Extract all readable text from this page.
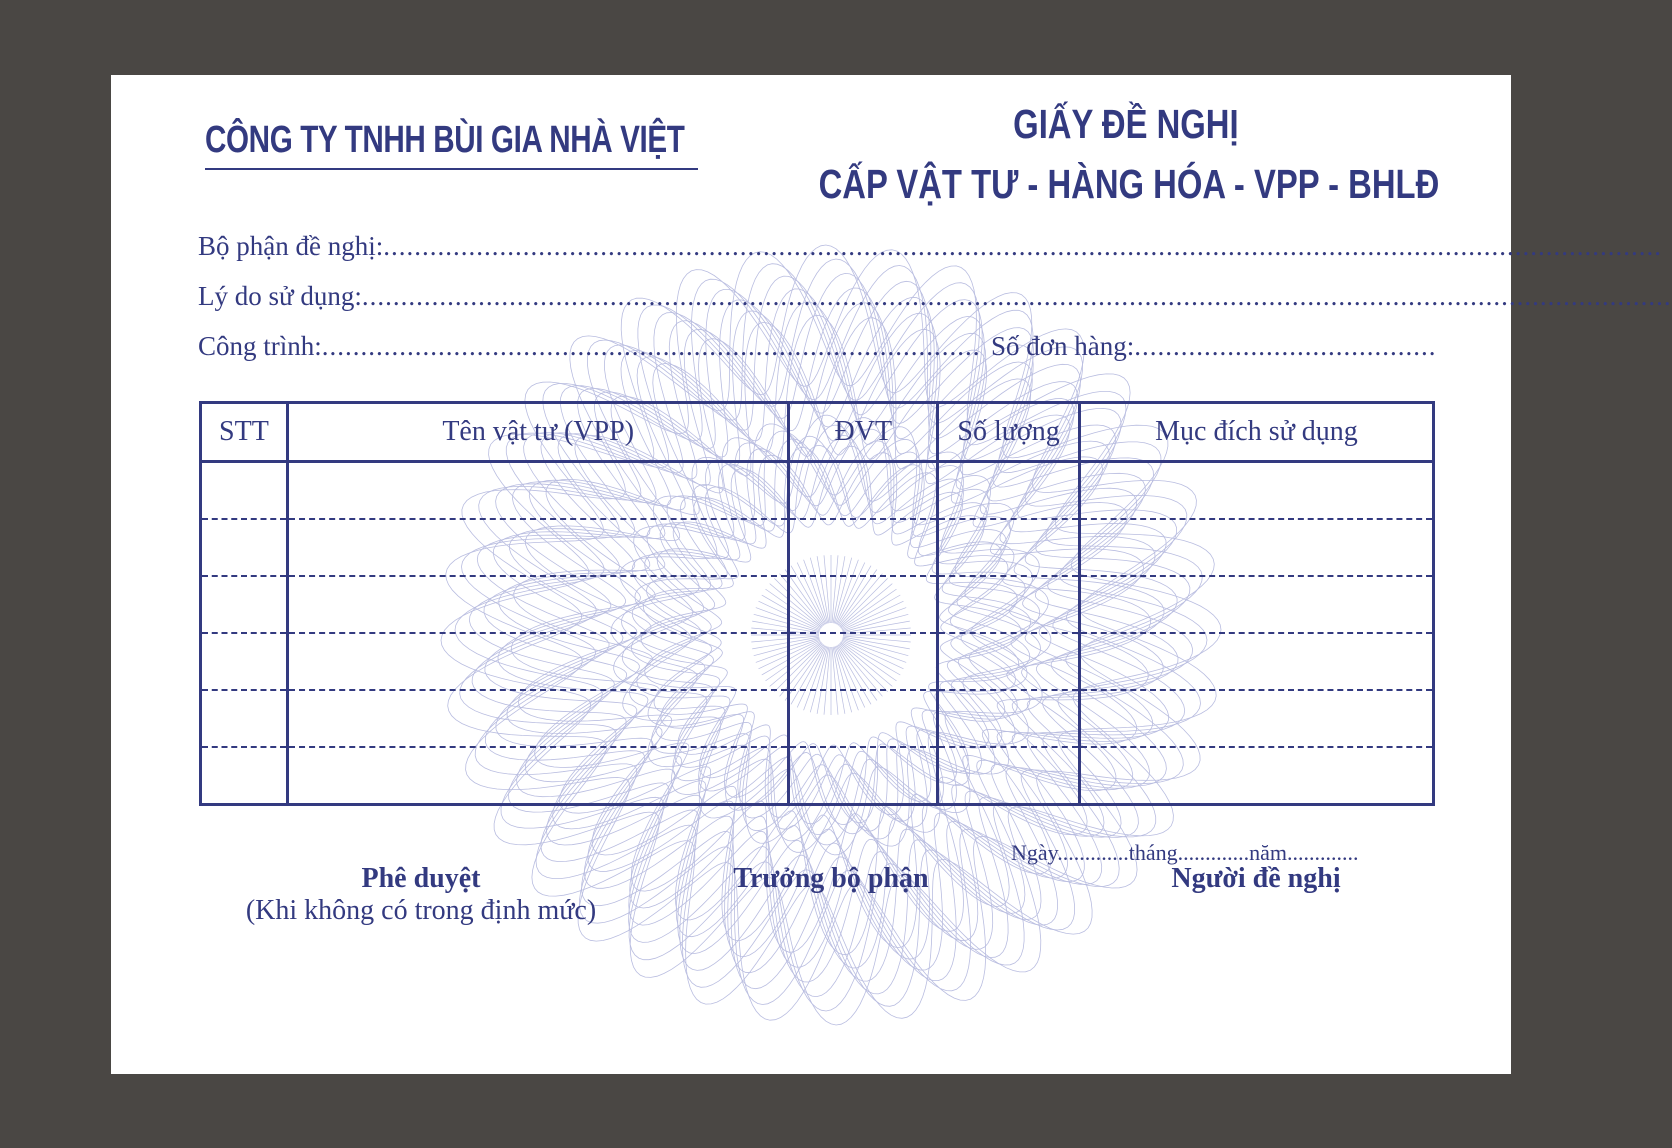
CÔNG TY TNHH BÙI GIA NHÀ VIỆT	GIẤY ĐỀ NGHỊ
CẤP VẬT TƯ - HÀNG HÓA - VPP - BHLĐ
Bộ phận đề nghị:.....................................................................................................................................................................
Lý do sử dụng:.........................................................................................................................................................................
Công trình:..................................................................................... Số đơn hàng:.......................................
STT	Tên vật tư (VPP)	ĐVT	Số lượng	Mục đích sử dụng

Ngày.............tháng.............năm.............
Phê duyệt
(Khi không có trong định mức)
Trưởng bộ phận	Người đề nghị
